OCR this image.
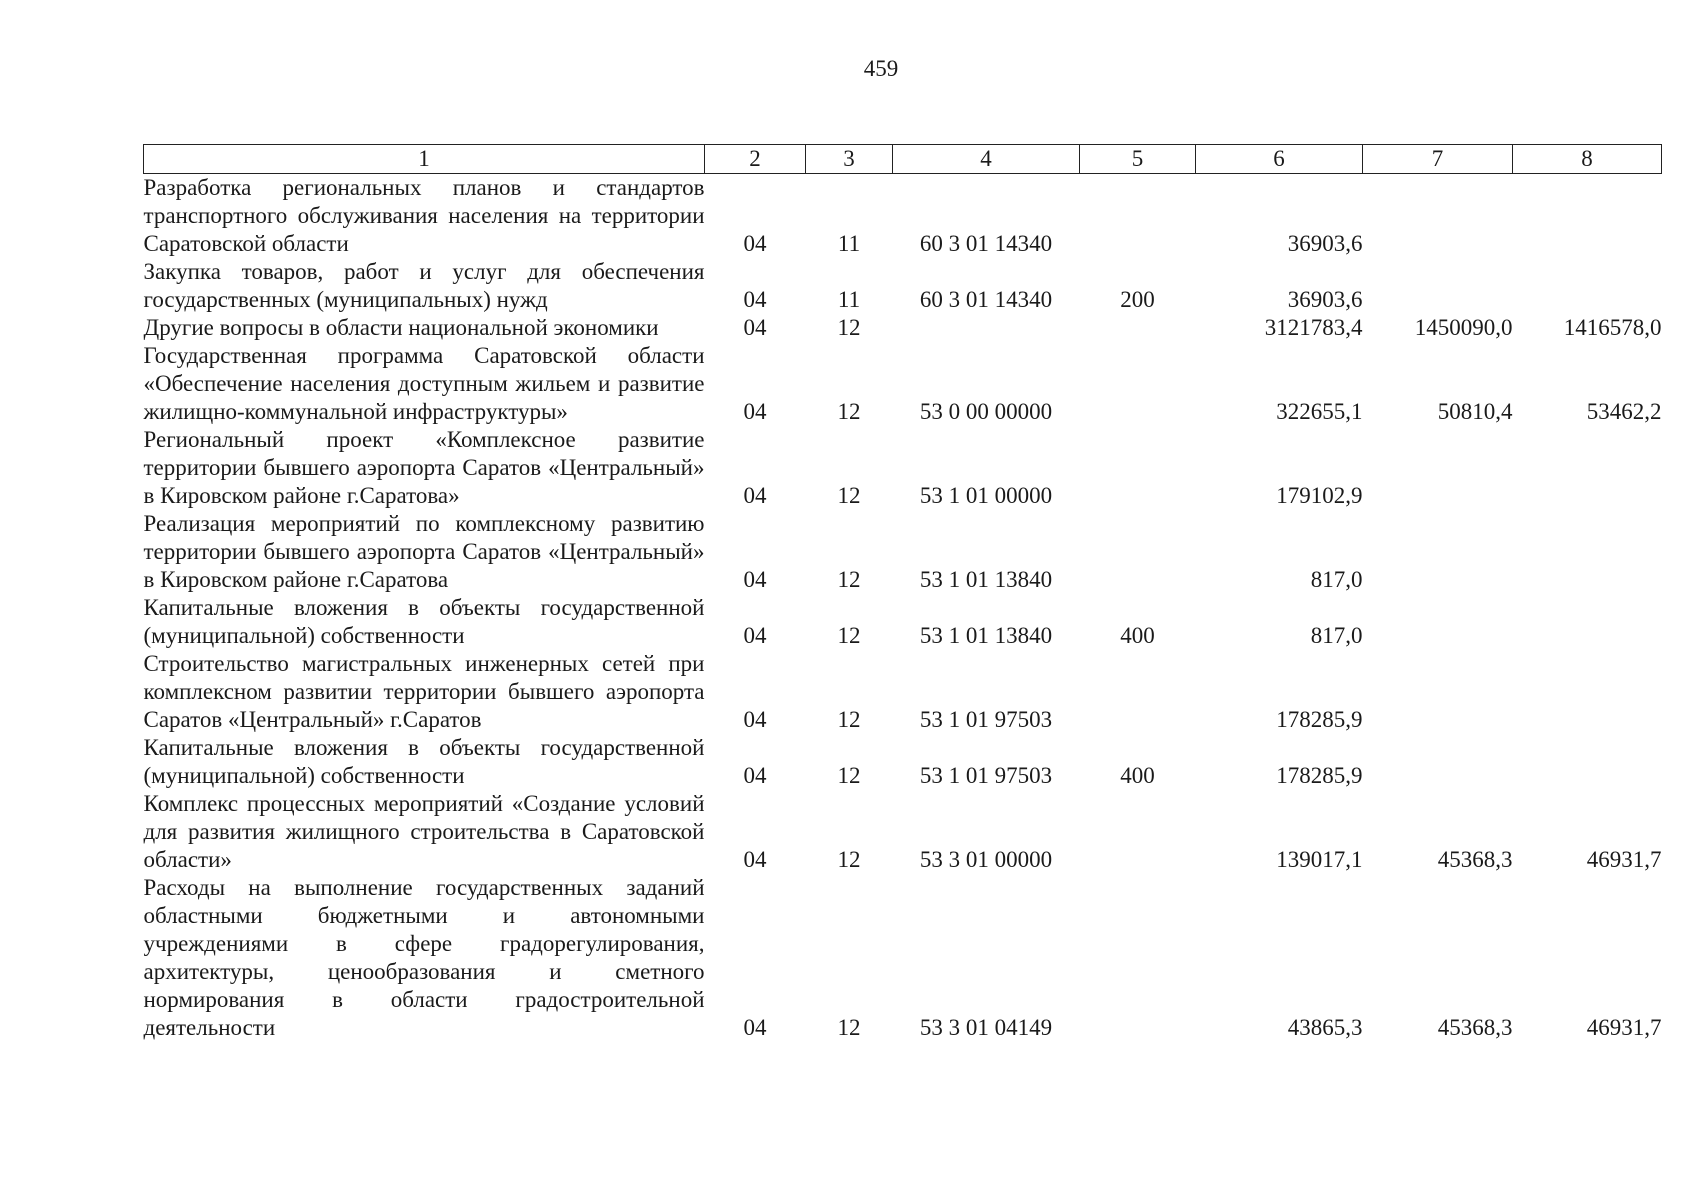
459
1	2	3	4	5	6	7	8
Разработка региональных планов и стандартов транспортного обслуживания населения на территории Саратовской области	04	11	60 3 01 14340		36903,6		
Закупка товаров, работ и услуг для обеспечения государственных (муниципальных) нужд	04	11	60 3 01 14340	200	36903,6		
Другие вопросы в области национальной экономики	04	12			3121783,4	1450090,0	1416578,0
Государственная программа Саратовской области «Обеспечение населения доступным жильем и развитие жилищно-коммунальной инфраструктуры»	04	12	53 0 00 00000		322655,1	50810,4	53462,2
Региональный проект «Комплексное развитие территории бывшего аэропорта Саратов «Центральный» в Кировском районе г.Саратова»	04	12	53 1 01 00000		179102,9		
Реализация мероприятий по комплексному развитию территории бывшего аэропорта Саратов «Центральный» в Кировском районе г.Саратова	04	12	53 1 01 13840		817,0		
Капитальные вложения в объекты государственной (муниципальной) собственности	04	12	53 1 01 13840	400	817,0		
Строительство магистральных инженерных сетей при комплексном развитии территории бывшего аэропорта Саратов «Центральный» г.Саратов	04	12	53 1 01 97503		178285,9		
Капитальные вложения в объекты государственной (муниципальной) собственности	04	12	53 1 01 97503	400	178285,9		
Комплекс процессных мероприятий «Создание условий для развития жилищного строительства в Саратовской области»	04	12	53 3 01 00000		139017,1	45368,3	46931,7
Расходы на выполнение государственных заданий областными бюджетными и автономными учреждениями в сфере градорегулирования, архитектуры, ценообразования и сметного нормирования в области градостроительной деятельности	04	12	53 3 01 04149		43865,3	45368,3	46931,7
